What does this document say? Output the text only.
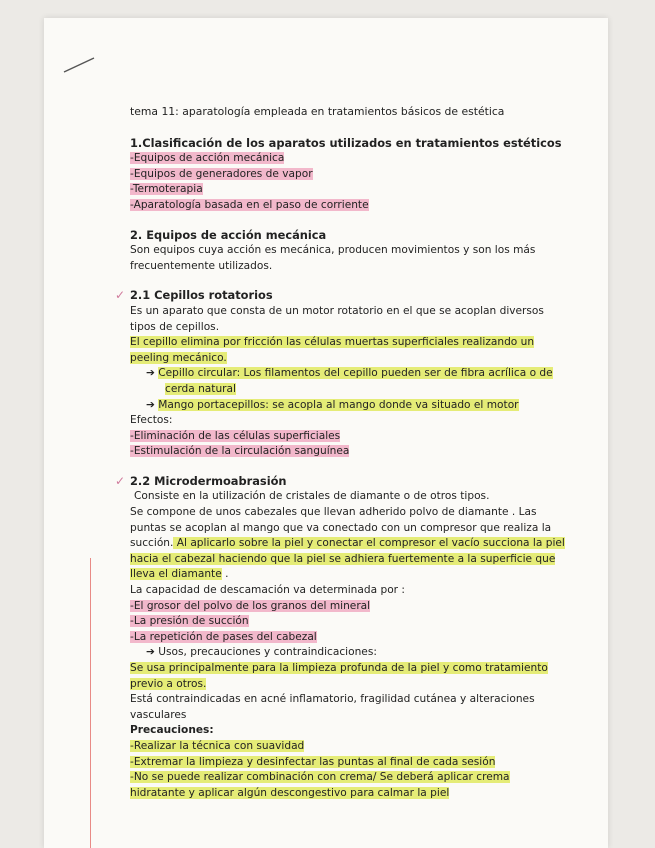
tema 11: aparatología empleada en tratamientos básicos de estética
1.Clasificación de los aparatos utilizados en tratamientos estéticos
-Equipos de acción mecánica
-Equipos de generadores de vapor
-Termoterapia
-Aparatología basada en el paso de corriente
2. Equipos de acción mecánica
Son equipos cuya acción es mecánica, producen movimientos y son los más
frecuentemente utilizados.
✓ 2.1 Cepillos rotatorios
Es un aparato que consta de un motor rotatorio en el que se acoplan diversos
tipos de cepillos.
El cepillo elimina por fricción las células muertas superficiales realizando un
peeling mecánico.
➔ Cepillo circular: Los filamentos del cepillo pueden ser de fibra acrílica o de
cerda natural
➔ Mango portacepillos: se acopla al mango donde va situado el motor
Efectos:
-Eliminación de las células superficiales
-Estimulación de la circulación sanguínea
✓ 2.2 Microdermoabrasión
Consiste en la utilización de cristales de diamante o de otros tipos.
Se compone de unos cabezales que llevan adherido polvo de diamante . Las
puntas se acoplan al mango que va conectado con un compresor que realiza la
succión. Al aplicarlo sobre la piel y conectar el compresor el vacío succiona la piel
hacia el cabezal haciendo que la piel se adhiera fuertemente a la superficie que
lleva el diamante .
La capacidad de descamación va determinada por :
-El grosor del polvo de los granos del mineral
-La presión de succión
-La repetición de pases del cabezal
➔ Usos, precauciones y contraindicaciones:
Se usa principalmente para la limpieza profunda de la piel y como tratamiento
previo a otros.
Está contraindicadas en acné inflamatorio, fragilidad cutánea y alteraciones
vasculares
Precauciones:
-Realizar la técnica con suavidad
-Extremar la limpieza y desinfectar las puntas al final de cada sesión
-No se puede realizar combinación con crema/ Se deberá aplicar crema
hidratante y aplicar algún descongestivo para calmar la piel
